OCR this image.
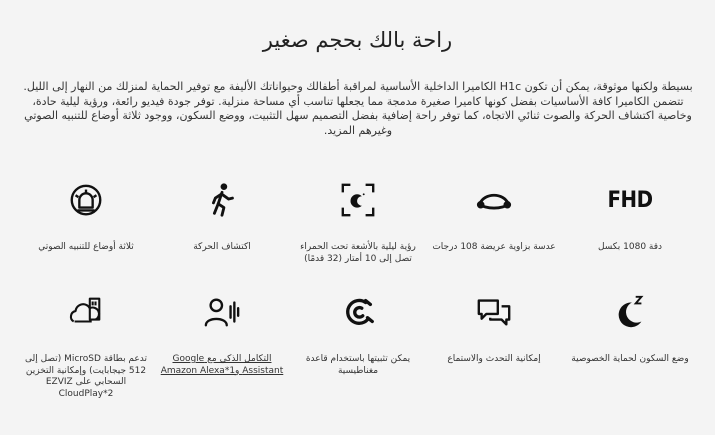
راحة بالك بحجم صغير
بسيطة ولكنها موثوقة، يمكن أن تكون H1c الكاميرا الداخلية الأساسية لمراقبة أطفالك وحيواناتك الأليفة مع توفير الحماية لمنزلك من النهار إلى الليل. تتضمن الكاميرا كافة الأساسيات بفضل كونها كاميرا صغيرة مدمجة مما يجعلها تناسب أي مساحة منزلية. توفر جودة فيديو رائعة، ورؤية ليلية حادة، وخاصية اكتشاف الحركة والصوت ثنائي الاتجاه، كما توفر راحة إضافية بفضل التصميم سهل التثبيت، ووضع السكون، ووجود ثلاثة أوضاع للتنبيه الصوتي وغيرهم المزيد.
FHD
دقة 1080 بكسل
عدسة بزاوية عريضة 108 درجات
رؤية ليلية بالأشعة تحت الحمراء تصل إلى 10 أمتار (32 قدمًا)
اكتشاف الحركة
ثلاثة أوضاع للتنبيه الصوتي
وضع السكون لحماية الخصوصية
إمكانية التحدث والاستماع
يمكن تثبيتها باستخدام قاعدة مغناطيسية
التكامل الذكي مع Google Assistant وAmazon Alexa*1
تدعم بطاقة MicroSD (تصل إلى 512 جيجابايت) وإمكانية التخزين السحابي على EZVIZ CloudPlay*2
